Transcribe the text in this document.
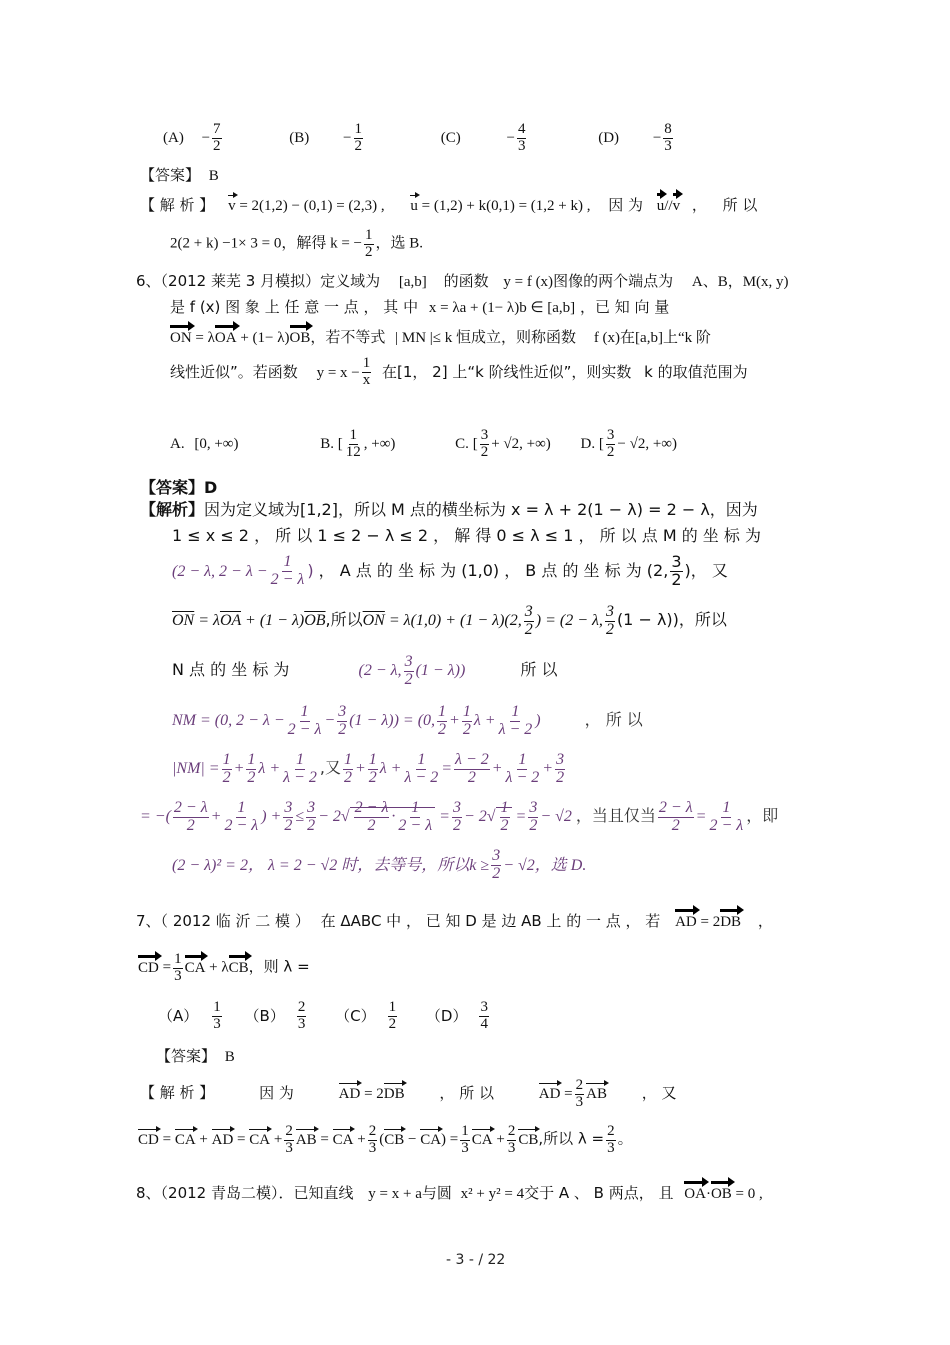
$(A) - \frac{7}{2}$	$(B) - \frac{1}{2}$	(C)	− $\frac{4}{3}$	$(D) - \frac{8}{3}$
【答案】 B
【 解 析 】 v = 2(1,2) − (0,1) = (2,3) , u = (1,2) + k(0,1) = (1,2 + k) , 因 为 u//v ， 所 以
2(2 + k) −1× 3 = 0，解得 k = − $\frac{1}{2}$ ，选 B.
6、（2012 莱芜 3 月模拟）定义域为 [a,b] 的函数 y = f (x)图像的两个端点为 A、B，M(x, y)
是 f (x) 图 象 上 任 意 一 点 ， 其 中 x = λa + (1− λ)b ∈ [a,b] ，已 知 向 量
ON = λOA + (1− λ)OB，若不等式 | MN |≤ k 恒成立，则称函数 f (x)在[a,b]上“k 阶
线性近似”。若函数 $y = x - \frac{1}{x}$ 在[1， 2] 上“k 阶线性近似”，则实数 k 的取值范围为
A. [0, +∞)	B. [ $\frac{1}{12}$ , +∞)	C. [ $\frac{3}{2} + √2$, +∞) D. [ $\frac{3}{2} - √2$, +∞)
【答案】D
【解析】因为定义域为[1,2]，所以 M 点的横坐标为 x = λ + 2(1 − λ) = 2 − λ，因为
1 ≤ x ≤ 2 ， 所 以 1 ≤ 2 − λ ≤ 2 ， 解 得 0 ≤ λ ≤ 1 ， 所 以 点 M 的 坐 标 为
(2 − λ, $2 - \lambda - \frac{1}{2 - \lambda}$ ) ， A 点 的 坐 标 为 (1,0) ， B 点 的 坐 标 为 (2, $\frac{3}{2}$ )， 又
$\overline{ON} = \lambda\overline{OA} + (1 - \lambda)\overline{OB}$,所以$\overline{ON} = \lambda(1,0) + (1 - \lambda)(2$, $\frac{3}{2}$ ) = (2 − λ, $\frac{3}{2} (1 - \lambda)$)，所以
N 点 的 坐 标 为	(2 − λ, $\frac{3}{2} (1 - \lambda)$)	所 以
NM = (0, $2 - \lambda - \frac{1}{2 - \lambda} - \frac{3}{2} (1 - \lambda)) = (0$, $\frac{1}{2} + \frac{1}{2}$ $\lambda + \frac{1}{\lambda - 2}$ )	， 所 以
$|NM| = \frac{1}{2} + \frac{1}{2}$ $\lambda + \frac{1}{\lambda - 2}$ ,又 $\frac{1}{2} + \frac{1}{2}$ $\lambda + \frac{1}{\lambda - 2} = \frac{\lambda - 2}{2} + \frac{1}{\lambda - 2} + \frac{3}{2}$
= −( $\frac{2 - \lambda}{2} + \frac{1}{2 - \lambda}$ ) + $\frac{3}{2} \le \frac{3}{2} - 2√ \frac{2 - \lambda}{2} \cdot \frac{1}{2 - \lambda} = \frac{3}{2} - 2√ \frac{1}{2} = \frac{3}{2} - √2$ ，当且仅当 $\frac{2 - \lambda}{2} = \frac{1}{2 - \lambda}$ ，即
(2 − λ)² = 2， λ = 2 − √2 时，去等号，所以$k \ge \frac{3}{2} - √2$，选 D.
7、（ 2012 临 沂 二 模 ） 在 ΔABC 中 ， 已 知 D 是 边 AB 上 的 一 点 ， 若 AD = 2DB ，
CD = $\frac{1}{3}$ CA + λCB，则 λ =
$(A) \frac{1}{3} (B) \frac{2}{3} (C) \frac{1}{2} (D) \frac{3}{4}$
【答案】 B
【 解 析 】	因 为	AD = 2DB ， 所 以	AD = $\frac{2}{3}$ AB ， 又
CD = CA + AD = CA + $\frac{2}{3}$ AB = CA + $\frac{2}{3} (CB - CA) = \frac{1}{3}$ CA + $\frac{2}{3}$ CB,所以 $\lambda = \frac{2}{3}$ 。
8、（2012 青岛二模）．已知直线 y = x + a与圆 x² + y² = 4交于 A 、 B 两点， 且 OA·OB = 0 ,
- 3 - / 22
